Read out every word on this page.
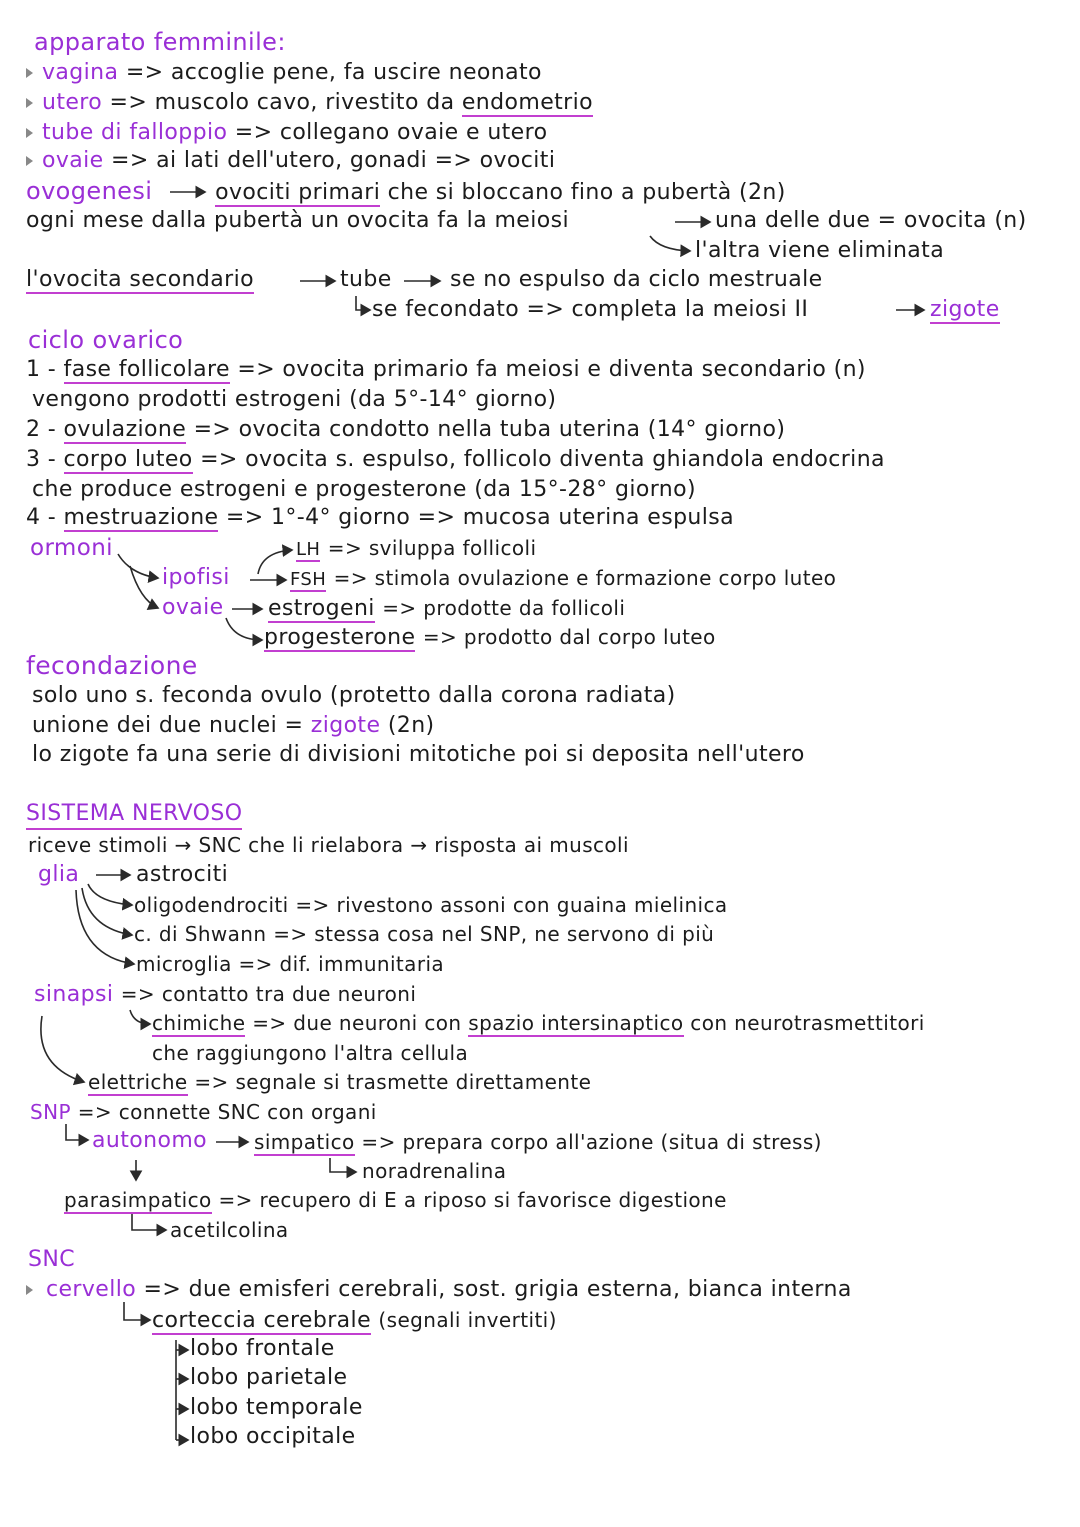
apparato femminile:
vagina => accoglie pene, fa uscire neonato
utero => muscolo cavo, rivestito da endometrio
tube di falloppio => collegano ovaie e utero
ovaie => ai lati dell'utero, gonadi => ovociti
ovogenesi	ovociti primari che si bloccano fino a pubertà (2n)
ogni mese dalla pubertà un ovocita fa la meiosi	una delle due = ovocita (n)
l'altra viene eliminata
l'ovocita secondario	tube	se no espulso da ciclo mestruale
se fecondato => completa la meiosi II	zigote
ciclo ovarico
1 - fase follicolare => ovocita primario fa meiosi e diventa secondario (n)
vengono prodotti estrogeni (da 5°-14° giorno)
2 - ovulazione => ovocita condotto nella tuba uterina (14° giorno)
3 - corpo luteo => ovocita s. espulso, follicolo diventa ghiandola endocrina
che produce estrogeni e progesterone (da 15°-28° giorno)
4 - mestruazione => 1°-4° giorno => mucosa uterina espulsa
ormoni	LH => sviluppa follicoli
ipofisi	FSH => stimola ovulazione e formazione corpo luteo
ovaie estrogeni => prodotte da follicoli
progesterone => prodotto dal corpo luteo
fecondazione
solo uno s. feconda ovulo (protetto dalla corona radiata)
unione dei due nuclei = zigote (2n)
lo zigote fa una serie di divisioni mitotiche poi si deposita nell'utero
SISTEMA NERVOSO
riceve stimoli → SNC che li rielabora → risposta ai muscoli
glia	astrociti
oligodendrociti => rivestono assoni con guaina mielinica
c. di Shwann => stessa cosa nel SNP, ne servono di più
microglia => dif. immunitaria
sinapsi => contatto tra due neuroni
chimiche => due neuroni con spazio intersinaptico con neurotrasmettitori
che raggiungono l'altra cellula
elettriche => segnale si trasmette direttamente
SNP => connette SNC con organi
autonomo simpatico => prepara corpo all'azione (situa di stress)
noradrenalina
parasimpatico => recupero di E a riposo si favorisce digestione
acetilcolina
SNC
cervello => due emisferi cerebrali, sost. grigia esterna, bianca interna
corteccia cerebrale (segnali invertiti)
lobo frontale
lobo parietale
lobo temporale
lobo occipitale
